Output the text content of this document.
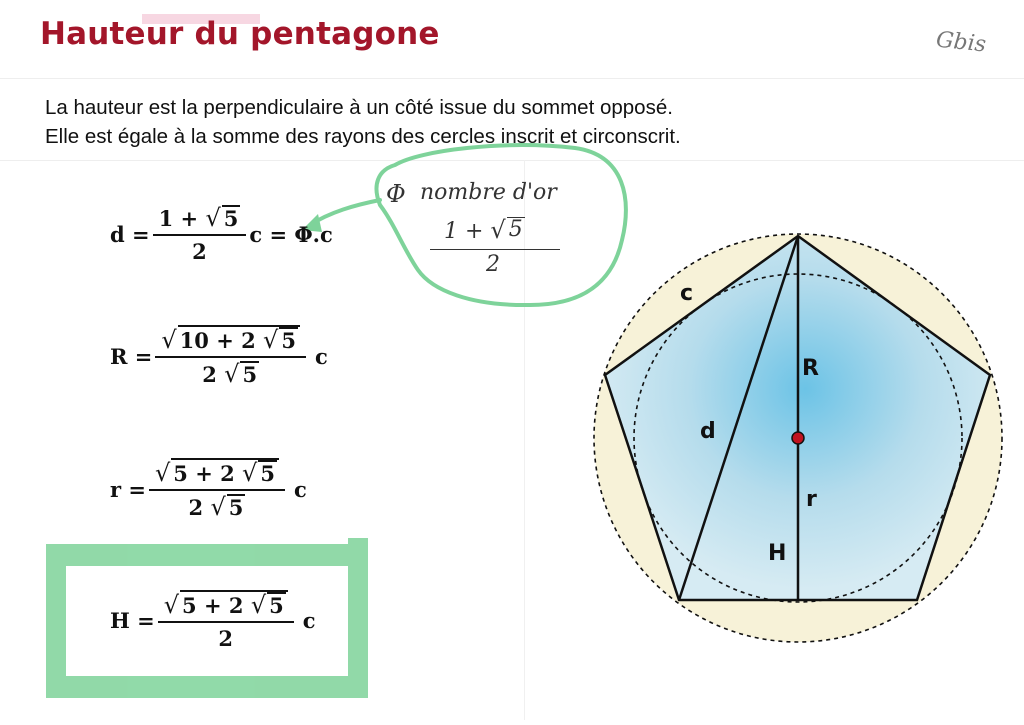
Hauteur du pentagone	Gbis
La hauteur est la perpendiculaire à un côté issue du sommet opposé.
Elle est égale à la somme des rayons des cercles inscrit et circonscrit.
$d = \frac{1 + √ 5}{2}$ c = Φ.c
$R = \frac{√ 10 + 2 √ 5}{2 √ 5}$ c
$r = \frac{√ 5 + 2 √ 5}{2 √ 5}$ c
$H = \frac{√ 5 + 2 √ 5}{2}$ c
Φ nombre d'or
1 + √ 5
2
c
R
d
r
H
